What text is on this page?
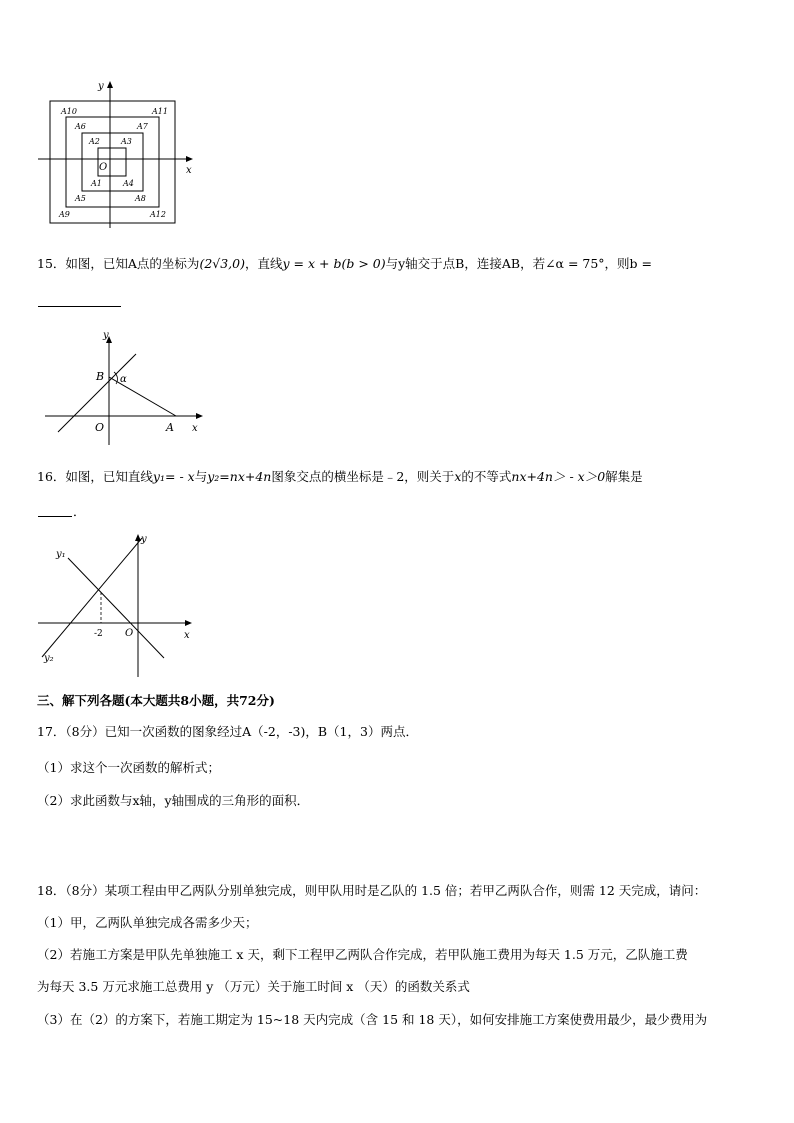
x
y
O
A1
A2	A3
A4
A5
A6	A7
A8
A9
A10	A11
A12
15．如图，已知A点的坐标为(2√3,0)，直线y = x + b(b > 0)与y轴交于点B，连接AB，若∠α = 75°，则b =
y
x
B
O	A
α
16．如图，已知直线y₁= - x与y₂=nx+4n图象交点的横坐标是﹣2，则关于x的不等式nx+4n＞ - x＞0解集是
．
y
x
y₁
y₂
O
-2
三、解下列各题(本大题共8小题，共72分)
17．（8分）已知一次函数的图象经过A（-2，-3)，B（1，3）两点．
（1）求这个一次函数的解析式；
（2）求此函数与x轴，y轴围成的三角形的面积．
18．（8分）某项工程由甲乙两队分别单独完成，则甲队用时是乙队的 1.5 倍；若甲乙两队合作，则需 12 天完成，请问：
（1）甲，乙两队单独完成各需多少天；
（2）若施工方案是甲队先单独施工 x 天，剩下工程甲乙两队合作完成，若甲队施工费用为每天 1.5 万元，乙队施工费
为每天 3.5 万元求施工总费用 y （万元）关于施工时间 x （天）的函数关系式
（3）在（2）的方案下，若施工期定为 15~18 天内完成（含 15 和 18 天），如何安排施工方案使费用最少，最少费用为
